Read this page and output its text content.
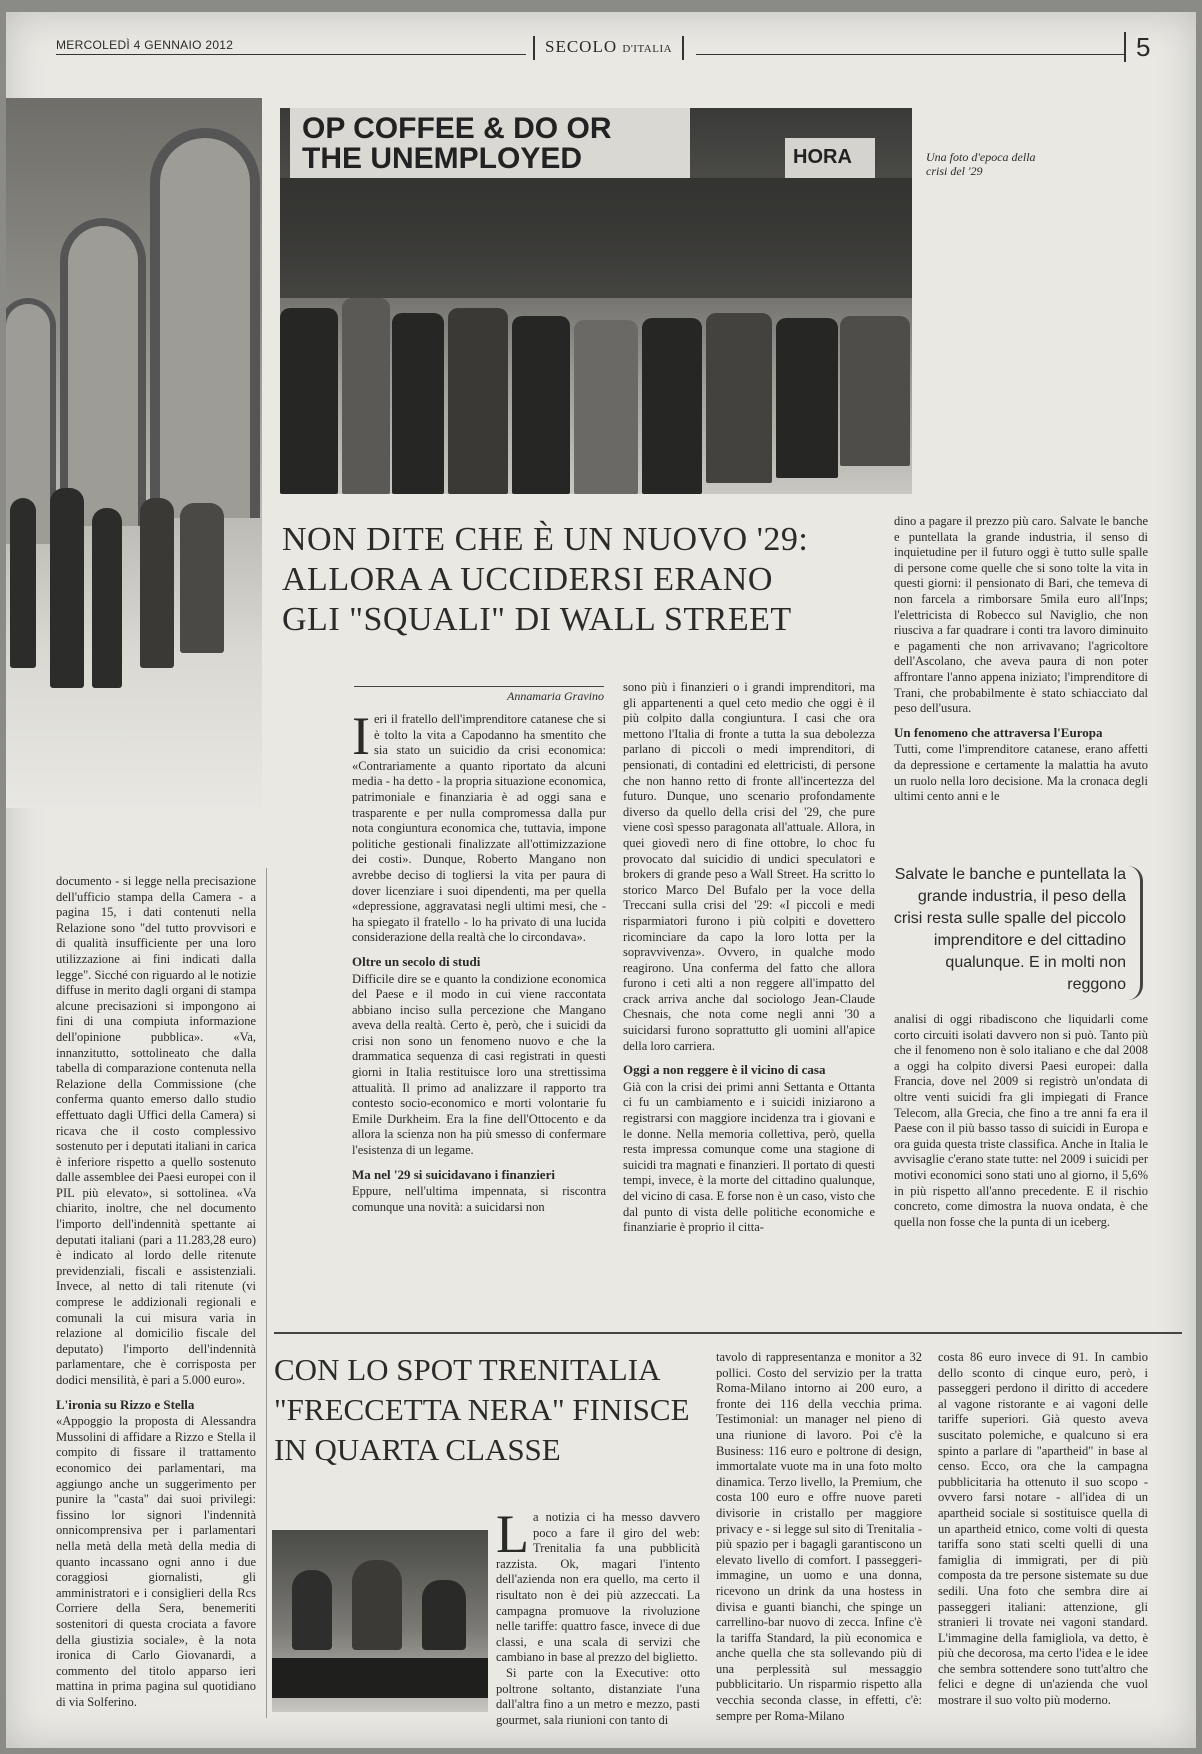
MERCOLEDÌ 4 GENNAIO 2012	SECOLO D'ITALIA	5
OP COFFEE & DO OR THE UNEMPLOYED	HORA	Una foto d'epoca della crisi del '29
NON DITE CHE È UN NUOVO '29: ALLORA A UCCIDERSI ERANO GLI "SQUALI" DI WALL STREET
Annamaria Gravino

Ieri il fratello dell'imprenditore catanese che si è tolto la vita a Capodanno ha smentito che sia stato un suicidio da crisi economica: «Contrariamente a quanto riportato da alcuni media - ha detto - la propria situazione economica, patrimoniale e finanziaria è ad oggi sana e trasparente e per nulla compromessa dalla pur nota congiuntura economica che, tuttavia, impone politiche gestionali finalizzate all'ottimizzazione dei costi». Dunque, Roberto Mangano non avrebbe deciso di togliersi la vita per paura di dover licenziare i suoi dipendenti, ma per quella «depressione, aggravatasi negli ultimi mesi, che - ha spiegato il fratello - lo ha privato di una lucida considerazione della realtà che lo circondava».

Oltre un secolo di studi

Difficile dire se e quanto la condizione economica del Paese e il modo in cui viene raccontata abbiano inciso sulla percezione che Mangano aveva della realtà. Certo è, però, che i suicidi da crisi non sono un fenomeno nuovo e che la drammatica sequenza di casi registrati in questi giorni in Italia restituisce loro una strettissima attualità. Il primo ad analizzare il rapporto tra contesto socio-economico e morti volontarie fu Emile Durkheim. Era la fine dell'Ottocento e da allora la scienza non ha più smesso di confermare l'esistenza di un legame.

Ma nel '29 si suicidavano i finanzieri

Eppure, nell'ultima impennata, si riscontra comunque una novità: a suicidarsi non

sono più i finanzieri o i grandi imprenditori, ma gli appartenenti a quel ceto medio che oggi è il più colpito dalla congiuntura. I casi che ora mettono l'Italia di fronte a tutta la sua debolezza parlano di piccoli o medi imprenditori, di pensionati, di contadini ed elettricisti, di persone che non hanno retto di fronte all'incertezza del futuro. Dunque, uno scenario profondamente diverso da quello della crisi del '29, che pure viene così spesso paragonata all'attuale. Allora, in quei giovedì nero di fine ottobre, lo choc fu provocato dal suicidio di undici speculatori e brokers di grande peso a Wall Street. Ha scritto lo storico Marco Del Bufalo per la voce della Treccani sulla crisi del '29: «I piccoli e medi risparmiatori furono i più colpiti e dovettero ricominciare da capo la loro lotta per la sopravvivenza». Ovvero, in qualche modo reagirono. Una conferma del fatto che allora furono i ceti alti a non reggere all'impatto del crack arriva anche dal sociologo Jean-Claude Chesnais, che nota come negli anni '30 a suicidarsi furono soprattutto gli uomini all'apice della loro carriera.

Oggi a non reggere è il vicino di casa

Già con la crisi dei primi anni Settanta e Ottanta ci fu un cambiamento e i suicidi iniziarono a registrarsi con maggiore incidenza tra i giovani e le donne. Nella memoria collettiva, però, quella resta impressa comunque come una stagione di suicidi tra magnati e finanzieri. Il portato di questi tempi, invece, è la morte del cittadino qualunque, del vicino di casa. E forse non è un caso, visto che dal punto di vista delle politiche economiche e finanziarie è proprio il citta-

dino a pagare il prezzo più caro. Salvate le banche e puntellata la grande industria, il senso di inquietudine per il futuro oggi è tutto sulle spalle di persone come quelle che si sono tolte la vita in questi giorni: il pensionato di Bari, che temeva di non farcela a rimborsare 5mila euro all'Inps; l'elettricista di Robecco sul Naviglio, che non riusciva a far quadrare i conti tra lavoro diminuito e pagamenti che non arrivavano; l'agricoltore dell'Ascolano, che aveva paura di non poter affrontare l'anno appena iniziato; l'imprenditore di Trani, che probabilmente è stato schiacciato dal peso dell'usura.

Un fenomeno che attraversa l'Europa

Tutti, come l'imprenditore catanese, erano affetti da depressione e certamente la malattia ha avuto un ruolo nella loro decisione. Ma la cronaca degli ultimi cento anni e le

Salvate le banche e puntellata la grande industria, il peso della crisi resta sulle spalle del piccolo imprenditore e del cittadino qualunque. E in molti non reggono

analisi di oggi ribadiscono che liquidarli come corto circuiti isolati davvero non si può. Tanto più che il fenomeno non è solo italiano e che dal 2008 a oggi ha colpito diversi Paesi europei: dalla Francia, dove nel 2009 si registrò un'ondata di oltre venti suicidi fra gli impiegati di France Telecom, alla Grecia, che fino a tre anni fa era il Paese con il più basso tasso di suicidi in Europa e ora guida questa triste classifica. Anche in Italia le avvisaglie c'erano state tutte: nel 2009 i suicidi per motivi economici sono stati uno al giorno, il 5,6% in più rispetto all'anno precedente. E il rischio concreto, come dimostra la nuova ondata, è che quella non fosse che la punta di un iceberg.

documento - si legge nella precisazione dell'ufficio stampa della Camera - a pagina 15, i dati contenuti nella Relazione sono "del tutto provvisori e di qualità insufficiente per una loro utilizzazione ai fini indicati dalla legge". Sicché con riguardo al le notizie diffuse in merito dagli organi di stampa alcune precisazioni si impongono ai fini di una compiuta informazione dell'opinione pubblica». «Va, innanzitutto, sottolineato che dalla tabella di comparazione contenuta nella Relazione della Commissione (che conferma quanto emerso dallo studio effettuato dagli Uffici della Camera) si ricava che il costo complessivo sostenuto per i deputati italiani in carica è inferiore rispetto a quello sostenuto dalle assemblee dei Paesi europei con il PIL più elevato», si sottolinea. «Va chiarito, inoltre, che nel documento l'importo dell'indennità spettante ai deputati italiani (pari a 11.283,28 euro) è indicato al lordo delle ritenute previdenziali, fiscali e assistenziali. Invece, al netto di tali ritenute (vi comprese le addizionali regionali e comunali la cui misura varia in relazione al domicilio fiscale del deputato) l'importo dell'indennità parlamentare, che è corrisposta per dodici mensilità, è pari a 5.000 euro».

L'ironia su Rizzo e Stella

«Appoggio la proposta di Alessandra Mussolini di affidare a Rizzo e Stella il compito di fissare il trattamento economico dei parlamentari, ma aggiungo anche un suggerimento per punire la "casta" dai suoi privilegi: fissino lor signori l'indennità onnicomprensiva per i parlamentari nella metà della metà della media di quanto incassano ogni anno i due coraggiosi giornalisti, gli amministratori e i consiglieri della Rcs Corriere della Sera, benemeriti sostenitori di questa crociata a favore della giustizia sociale», è la nota ironica di Carlo Giovanardi, a commento del titolo apparso ieri mattina in prima pagina sul quotidiano di via Solferino.

CON LO SPOT TRENITALIA "FRECCETTA NERA" FINISCE IN QUARTA CLASSE

La notizia ci ha messo davvero poco a fare il giro del web: Trenitalia fa una pubblicità razzista. Ok, magari l'intento dell'azienda non era quello, ma certo il risultato non è dei più azzeccati. La campagna promuove la rivoluzione nelle tariffe: quattro fasce, invece di due classi, e una scala di servizi che cambiano in base al prezzo del biglietto.

Si parte con la Executive: otto poltrone soltanto, distanziate l'una dall'altra fino a un metro e mezzo, pasti gourmet, sala riunioni con tanto di

tavolo di rappresentanza e monitor a 32 pollici. Costo del servizio per la tratta Roma-Milano intorno ai 200 euro, a fronte dei 116 della vecchia prima. Testimonial: un manager nel pieno di una riunione di lavoro. Poi c'è la Business: 116 euro e poltrone di design, immortalate vuote ma in una foto molto dinamica. Terzo livello, la Premium, che costa 100 euro e offre nuove pareti divisorie in cristallo per maggiore privacy e - si legge sul sito di Trenitalia - più spazio per i bagagli garantiscono un elevato livello di comfort. I passeggeri-immagine, un uomo e una donna, ricevono un drink da una hostess in divisa e guanti bianchi, che spinge un carrellino-bar nuovo di zecca. Infine c'è la tariffa Standard, la più economica e anche quella che sta sollevando più di una perplessità sul messaggio pubblicitario. Un risparmio rispetto alla vecchia seconda classe, in effetti, c'è: sempre per Roma-Milano

costa 86 euro invece di 91. In cambio dello sconto di cinque euro, però, i passeggeri perdono il diritto di accedere al vagone ristorante e ai vagoni delle tariffe superiori. Già questo aveva suscitato polemiche, e qualcuno si era spinto a parlare di "apartheid" in base al censo. Ecco, ora che la campagna pubblicitaria ha ottenuto il suo scopo - ovvero farsi notare - all'idea di un apartheid sociale si sostituisce quella di un apartheid etnico, come volti di questa tariffa sono stati scelti quelli di una famiglia di immigrati, per di più composta da tre persone sistemate su due sedili. Una foto che sembra dire ai passeggeri italiani: attenzione, gli stranieri li trovate nei vagoni standard. L'immagine della famigliola, va detto, è più che decorosa, ma certo l'idea e le idee che sembra sottendere sono tutt'altro che felici e degne di un'azienda che vuol mostrare il suo volto più moderno.
